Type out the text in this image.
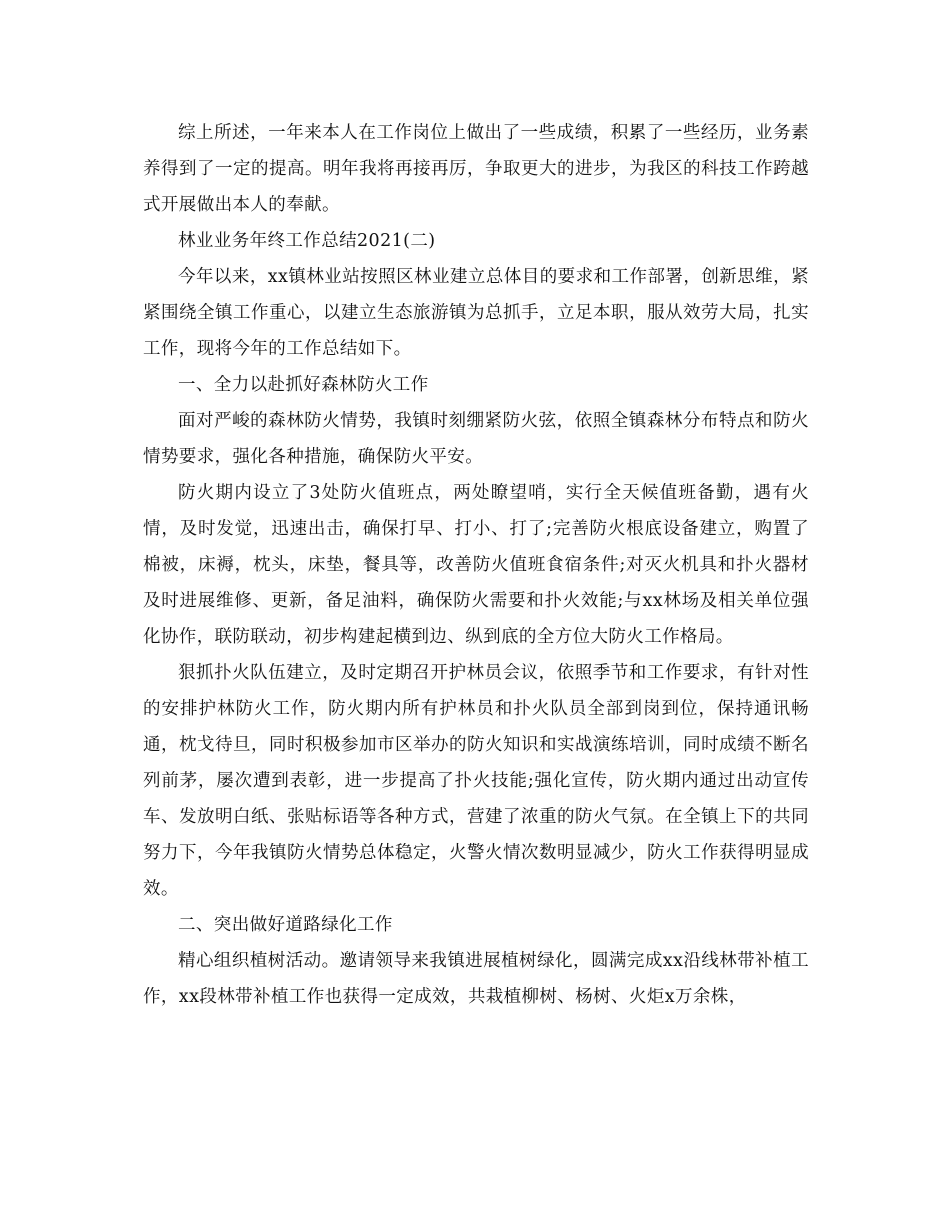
综上所述，一年来本人在工作岗位上做出了一些成绩，积累了一些经历，业务素养得到了一定的提高。明年我将再接再厉，争取更大的进步，为我区的科技工作跨越式开展做出本人的奉献。

林业业务年终工作总结2021(二)

今年以来，xx镇林业站按照区林业建立总体目的要求和工作部署，创新思维，紧紧围绕全镇工作重心，以建立生态旅游镇为总抓手，立足本职，服从效劳大局，扎实工作，现将今年的工作总结如下。

一、全力以赴抓好森林防火工作

面对严峻的森林防火情势，我镇时刻绷紧防火弦，依照全镇森林分布特点和防火情势要求，强化各种措施，确保防火平安。

防火期内设立了3处防火值班点，两处瞭望哨，实行全天候值班备勤，遇有火情，及时发觉，迅速出击，确保打早、打小、打了;完善防火根底设备建立，购置了棉被，床褥，枕头，床垫，餐具等，改善防火值班食宿条件;对灭火机具和扑火器材及时进展维修、更新，备足油料，确保防火需要和扑火效能;与xx林场及相关单位强化协作，联防联动，初步构建起横到边、纵到底的全方位大防火工作格局。

狠抓扑火队伍建立，及时定期召开护林员会议，依照季节和工作要求，有针对性的安排护林防火工作，防火期内所有护林员和扑火队员全部到岗到位，保持通讯畅通，枕戈待旦，同时积极参加市区举办的防火知识和实战演练培训，同时成绩不断名列前茅，屡次遭到表彰，进一步提高了扑火技能;强化宣传，防火期内通过出动宣传车、发放明白纸、张贴标语等各种方式，营建了浓重的防火气氛。在全镇上下的共同努力下，今年我镇防火情势总体稳定，火警火情次数明显减少，防火工作获得明显成效。

二、突出做好道路绿化工作

精心组织植树活动。邀请领导来我镇进展植树绿化，圆满完成xx沿线林带补植工作，xx段林带补植工作也获得一定成效，共栽植柳树、杨树、火炬x万余株，
